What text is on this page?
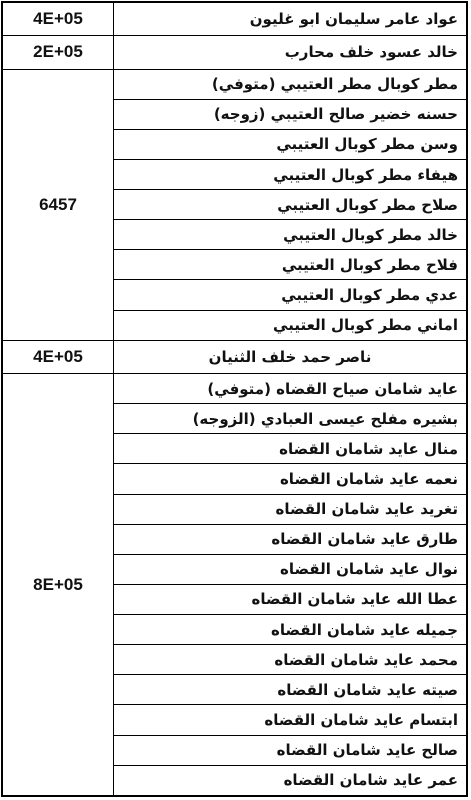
عواد عامر سليمان ابو غليون	4E+05
خالد عسود خلف محارب	2E+05
مطر كوبال مطر العتيبي (متوفي)	6457
حسنه خضير صالح العتيبي (زوجه)	
وسن مطر كوبال العتيبي	
هيفاء مطر كوبال العتيبي	
صلاح مطر كوبال العتيبي	
خالد مطر كوبال العتيبي	
فلاح مطر كوبال العتيبي	
عدي مطر كوبال العتيبي	
اماني مطر كوبال العتيبي	
ناصر حمد خلف الثنيان	4E+05
عايد شامان صياح القضاه (متوفي)	8E+05
بشيره مفلح عيسى العبادي (الزوجه)	
منال عايد شامان القضاه	
نعمه عايد شامان القضاه	
تغريد عايد شامان القضاه	
طارق عايد شامان القضاه	
نوال عايد شامان القضاه	
عطا الله عايد شامان القضاه	
جميله عايد شامان القضاه	
محمد عايد شامان القضاه	
صيته عايد شامان القضاه	
ابتسام عايد شامان القضاه	
صالح عايد شامان القضاه	
عمر عايد شامان القضاه	
